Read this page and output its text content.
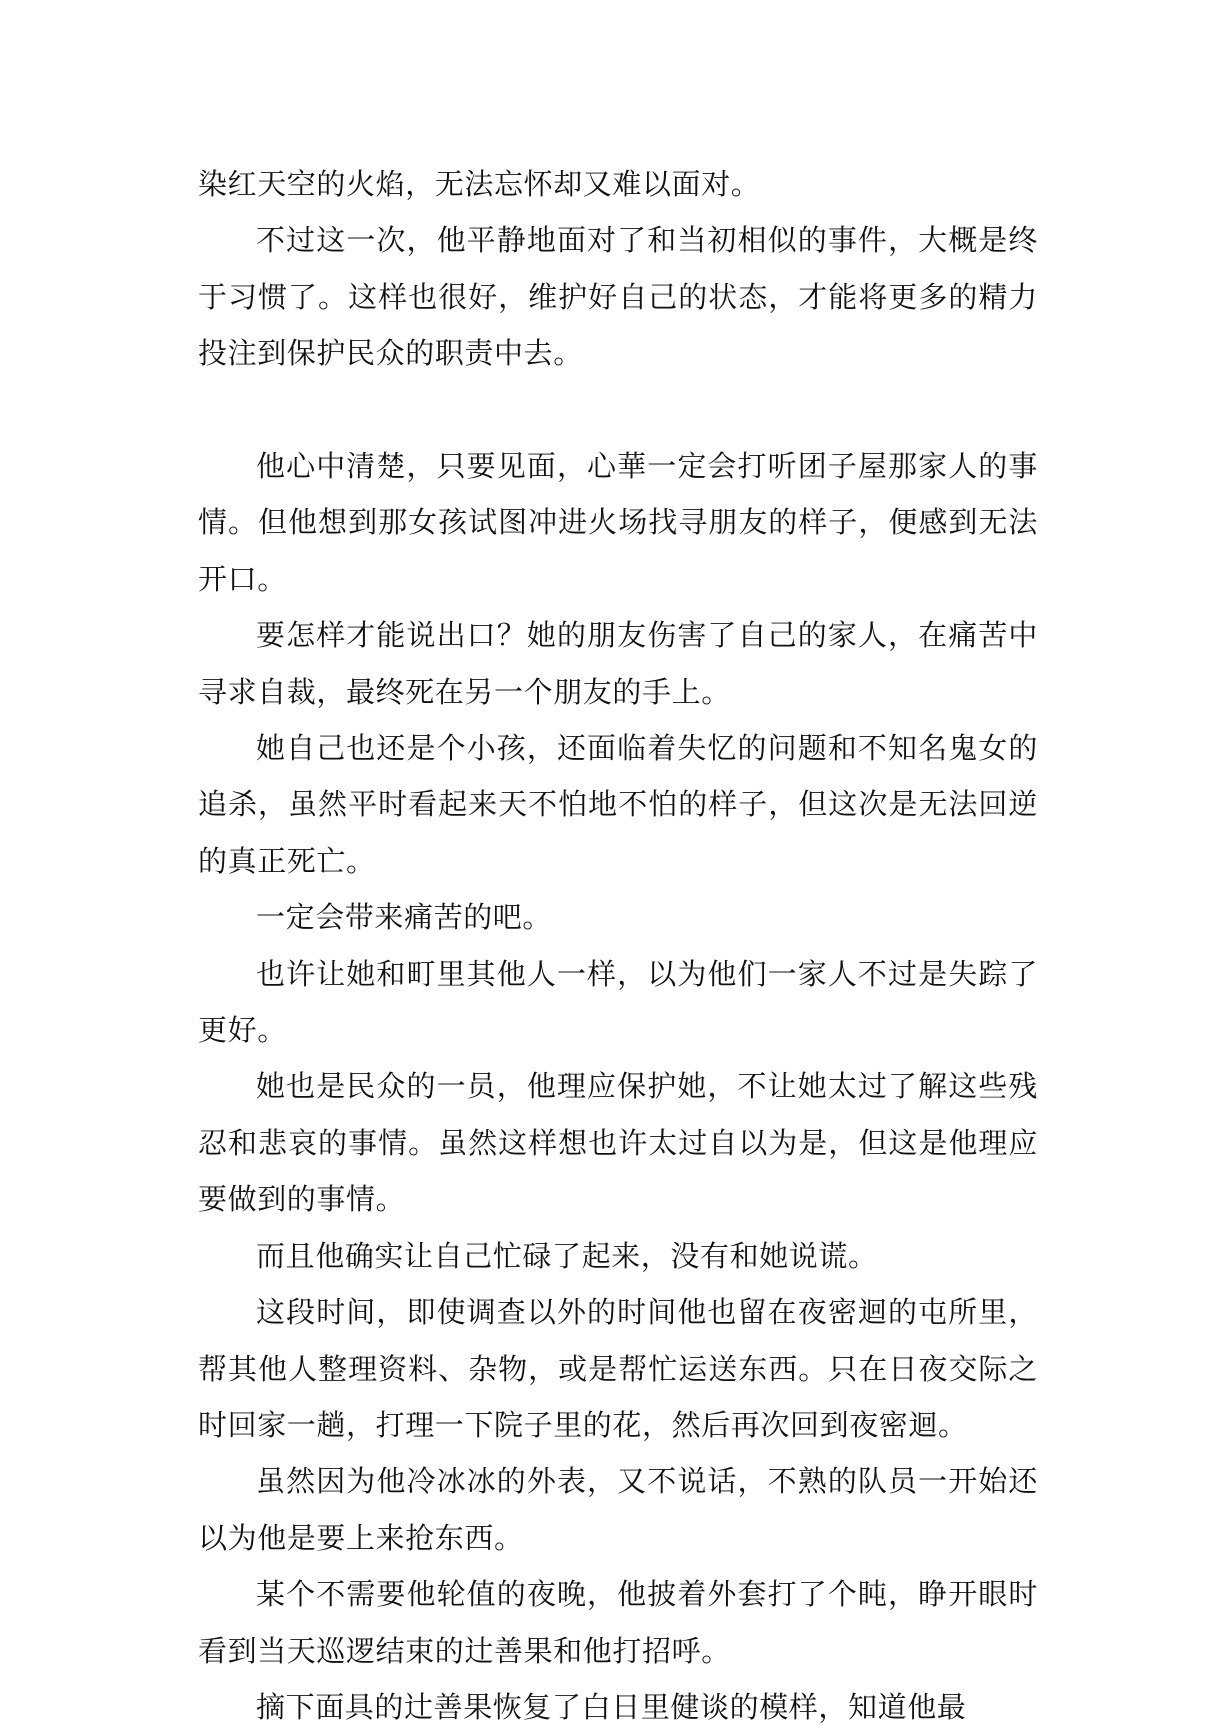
染红天空的火焰，无法忘怀却又难以面对。

不过这一次，他平静地面对了和当初相似的事件，大概是终于习惯了。这样也很好，维护好自己的状态，才能将更多的精力投注到保护民众的职责中去。

他心中清楚，只要见面，心華一定会打听团子屋那家人的事情。但他想到那女孩试图冲进火场找寻朋友的样子，便感到无法开口。

要怎样才能说出口？她的朋友伤害了自己的家人，在痛苦中寻求自裁，最终死在另一个朋友的手上。

她自己也还是个小孩，还面临着失忆的问题和不知名鬼女的追杀，虽然平时看起来天不怕地不怕的样子，但这次是无法回逆的真正死亡。

一定会带来痛苦的吧。

也许让她和町里其他人一样，以为他们一家人不过是失踪了更好。

她也是民众的一员，他理应保护她，不让她太过了解这些残忍和悲哀的事情。虽然这样想也许太过自以为是，但这是他理应要做到的事情。

而且他确实让自己忙碌了起来，没有和她说谎。

这段时间，即使调查以外的时间他也留在夜密迴的屯所里，帮其他人整理资料、杂物，或是帮忙运送东西。只在日夜交际之时回家一趟，打理一下院子里的花，然后再次回到夜密迴。

虽然因为他冷冰冰的外表，又不说话，不熟的队员一开始还以为他是要上来抢东西。

某个不需要他轮值的夜晚，他披着外套打了个盹，睁开眼时看到当天巡逻结束的辻善果和他打招呼。

摘下面具的辻善果恢复了白日里健谈的模样，知道他最
